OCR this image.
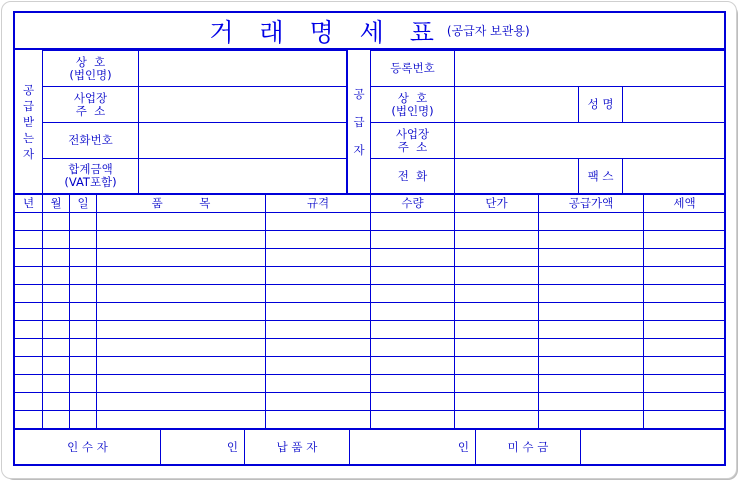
거 래 명 세 표 (공급자 보관용)
공
급
받
는
자
상  호
(법인명)
사업장
주  소
전화번호
합계금액
(VAT포함)
공
급
자
등록번호
상  호
(법인명)	성 명
사업장
주  소
전  화	팩 스
년	월	일	품          목	규격	수량	단가	공급가액	세액
인 수 자	인	납 품 자	인	미 수 금
